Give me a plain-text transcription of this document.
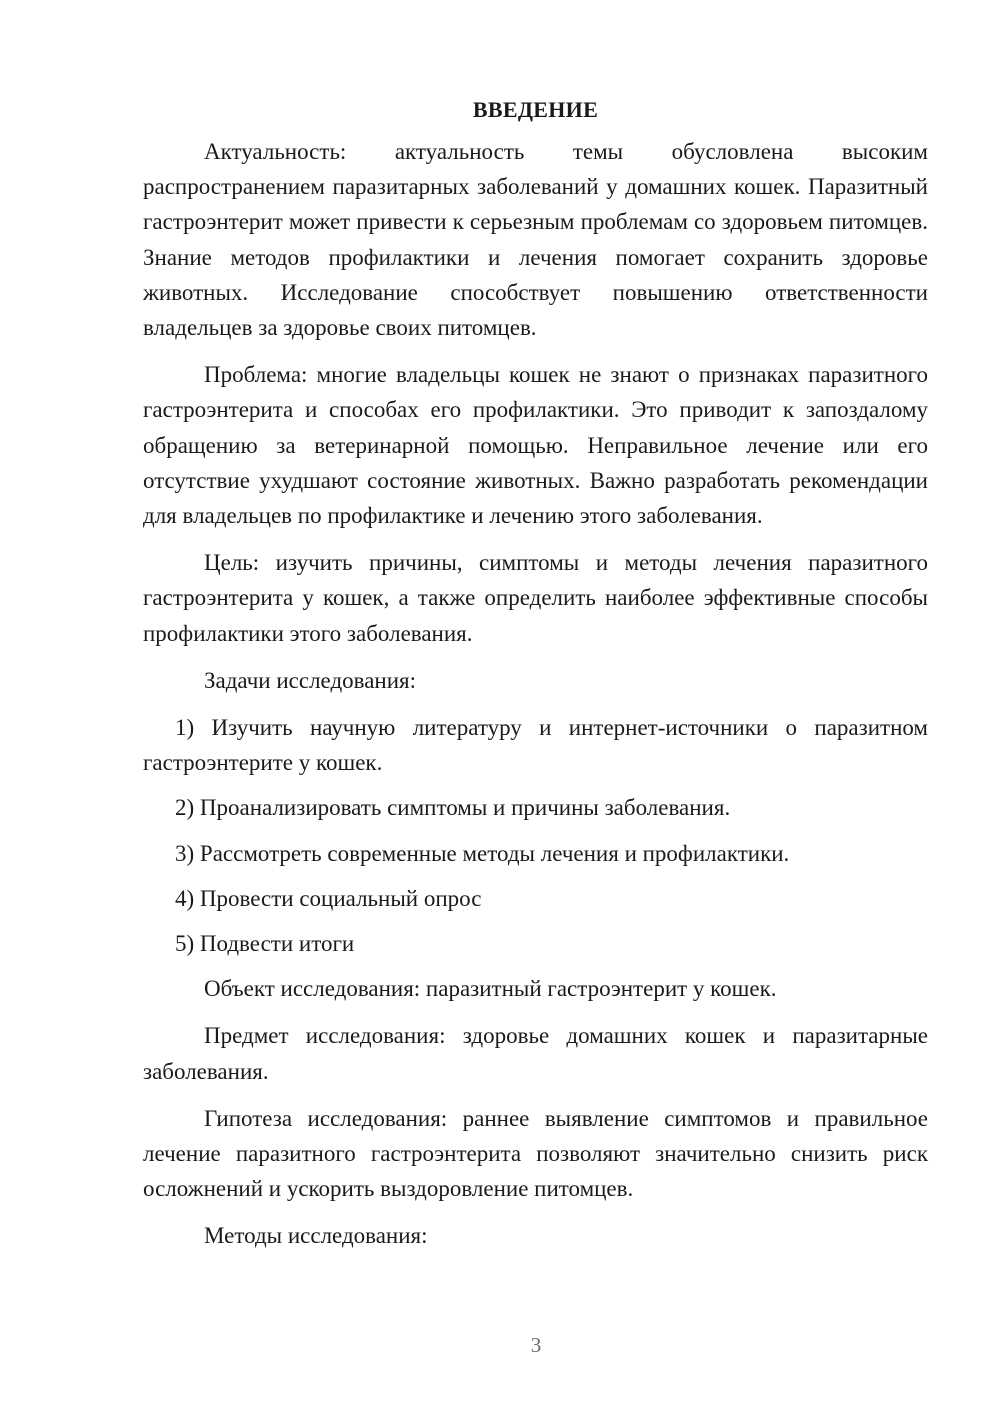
ВВЕДЕНИЕ

Актуальность: актуальность темы обусловлена высоким распространением паразитарных заболеваний у домашних кошек. Паразитный гастроэнтерит может привести к серьезным проблемам со здоровьем питомцев. Знание методов профилактики и лечения помогает сохранить здоровье животных. Исследование способствует повышению ответственности владельцев за здоровье своих питомцев.

Проблема: многие владельцы кошек не знают о признаках паразитного гастроэнтерита и способах его профилактики. Это приводит к запоздалому обращению за ветеринарной помощью. Неправильное лечение или его отсутствие ухудшают состояние животных. Важно разработать рекомендации для владельцев по профилактике и лечению этого заболевания.

Цель: изучить причины, симптомы и методы лечения паразитного гастроэнтерита у кошек, а также определить наиболее эффективные способы профилактики этого заболевания.

Задачи исследования:

1) Изучить научную литературу и интернет-источники о паразитном гастроэнтерите у кошек.

2) Проанализировать симптомы и причины заболевания.

3) Рассмотреть современные методы лечения и профилактики.

4) Провести социальный опрос

5) Подвести итоги

Объект исследования: паразитный гастроэнтерит у кошек.

Предмет исследования: здоровье домашних кошек и паразитарные заболевания.

Гипотеза исследования: раннее выявление симптомов и правильное лечение паразитного гастроэнтерита позволяют значительно снизить риск осложнений и ускорить выздоровление питомцев.

Методы исследования:

3
